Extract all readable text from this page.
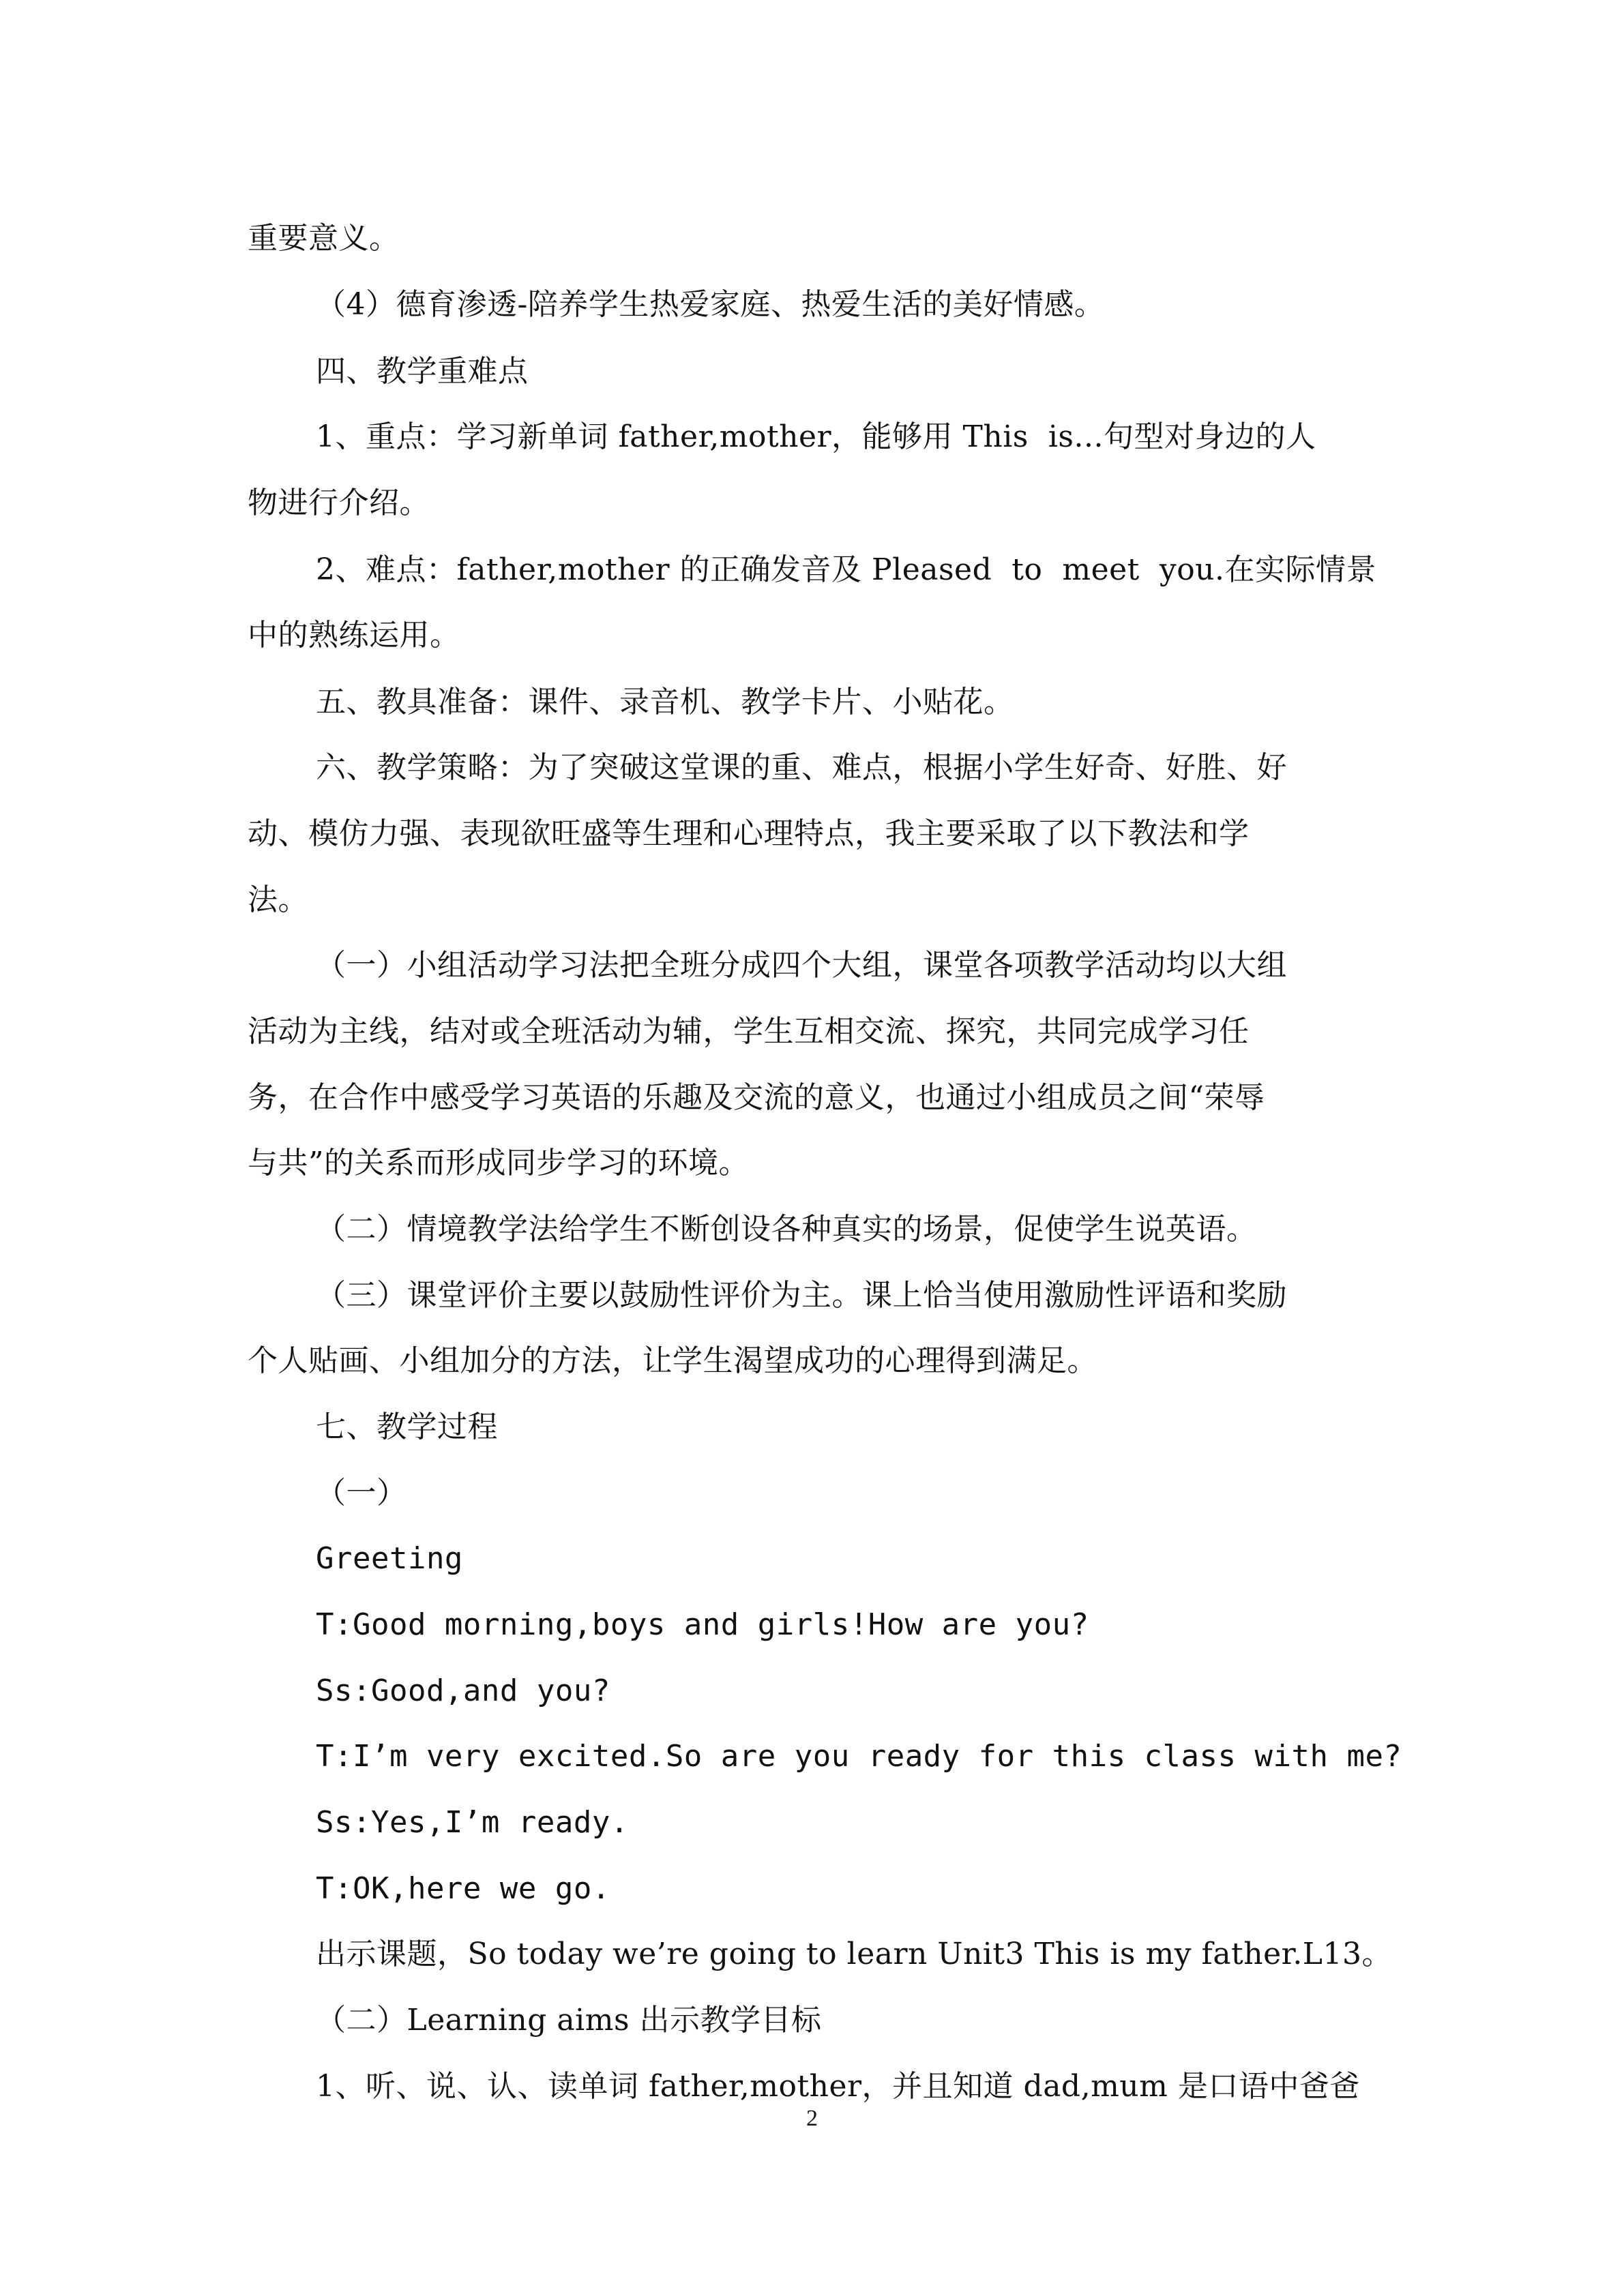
重要意义。
（4）德育渗透-陪养学生热爱家庭、热爱生活的美好情感。
四、教学重难点
1、重点：学习新单词 father,mother，能够用 This  is...句型对身边的人
物进行介绍。
2、难点：father,mother 的正确发音及 Pleased  to  meet  you.在实际情景
中的熟练运用。
五、教具准备：课件、录音机、教学卡片、小贴花。
六、教学策略：为了突破这堂课的重、难点，根据小学生好奇、好胜、好
动、模仿力强、表现欲旺盛等生理和心理特点，我主要采取了以下教法和学
法。
（一）小组活动学习法把全班分成四个大组，课堂各项教学活动均以大组
活动为主线，结对或全班活动为辅，学生互相交流、探究，共同完成学习任
务，在合作中感受学习英语的乐趣及交流的意义，也通过小组成员之间“荣辱
与共”的关系而形成同步学习的环境。
（二）情境教学法给学生不断创设各种真实的场景，促使学生说英语。
（三）课堂评价主要以鼓励性评价为主。课上恰当使用激励性评语和奖励
个人贴画、小组加分的方法，让学生渴望成功的心理得到满足。
七、教学过程
（一）
Greeting
T:Good morning,boys and girls!How are you?
Ss:Good,and you?
T:I’m very excited.So are you ready for this class with me?
Ss:Yes,I’m ready.
T:OK,here we go.
出示课题，So today we’re going to learn Unit3 This is my father.L13。
（二）Learning aims 出示教学目标
1、听、说、认、读单词 father,mother，并且知道 dad,mum 是口语中爸爸
2
